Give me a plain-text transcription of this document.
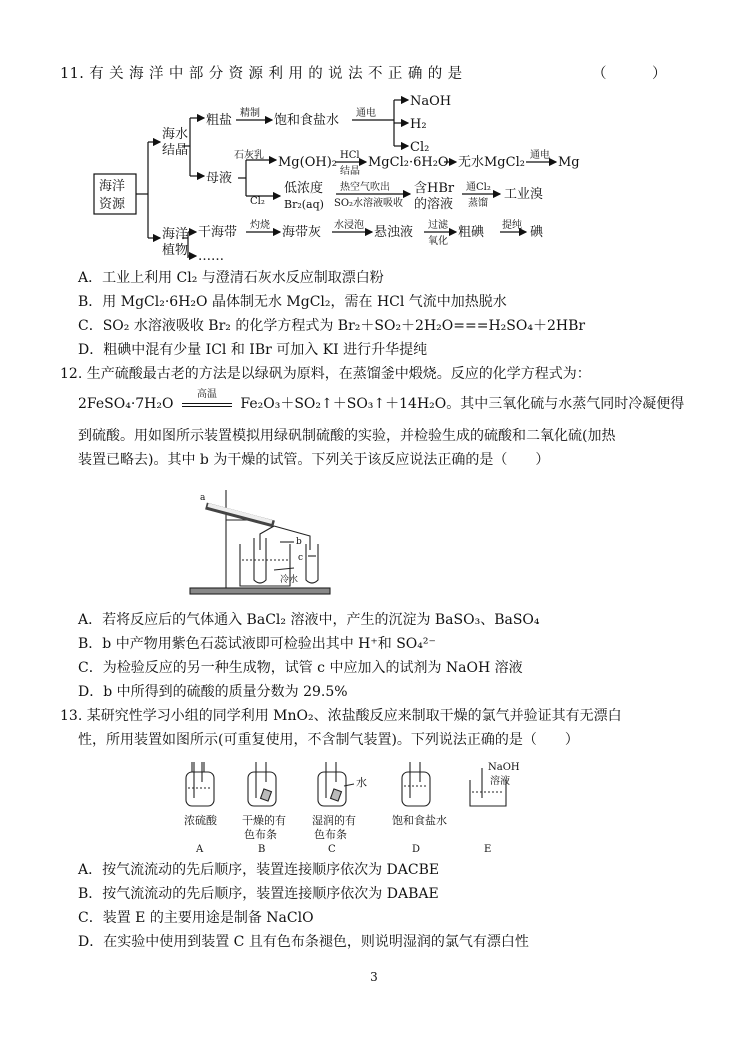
11. 有 关 海 洋 中 部 分 资 源 利 用 的 说 法 不 正 确 的 是	（	）
海洋
资源
海水
结晶
海洋
植物
粗盐 精制 饱和食盐水 通电
NaOH
H₂
Cl₂
母液
石灰乳 Mg(OH)₂ HCl
结晶
MgCl₂·6H₂O 无水MgCl₂ 通电 Mg
Cl₂
低浓度
Br₂(aq)
热空气吹出
SO₂水溶液吸收
含HBr
的溶液
通Cl₂
蒸馏
工业溴
干海带 灼烧 海带灰 水浸泡 悬浊液 过滤
氧化
粗碘 提纯 碘
……
A．工业上利用 Cl₂ 与澄清石灰水反应制取漂白粉
B．用 MgCl₂·6H₂O 晶体制无水 MgCl₂，需在 HCl 气流中加热脱水
C．SO₂ 水溶液吸收 Br₂ 的化学方程式为 Br₂＋SO₂＋2H₂O===H₂SO₄＋2HBr
D．粗碘中混有少量 ICl 和 IBr 可加入 KI 进行升华提纯
12. 生产硫酸最古老的方法是以绿矾为原料，在蒸馏釜中煅烧。反应的化学方程式为：
2FeSO₄·7H₂O
高温
Fe₂O₃＋SO₂↑＋SO₃↑＋14H₂O。其中三氧化硫与水蒸气同时冷凝便得
到硫酸。用如图所示装置模拟用绿矾制硫酸的实验，并检验生成的硫酸和二氧化硫(加热
装置已略去)。其中 b 为干燥的试管。下列关于该反应说法正确的是（　　）
a
b
c
冷水
A．若将反应后的气体通入 BaCl₂ 溶液中，产生的沉淀为 BaSO₃、BaSO₄
B．b 中产物用紫色石蕊试液即可检验出其中 H⁺和 SO₄²⁻
C．为检验反应的另一种生成物，试管 c 中应加入的试剂为 NaOH 溶液
D．b 中所得到的硫酸的质量分数为 29.5%
13. 某研究性学习小组的同学利用 MnO₂、浓盐酸反应来制取干燥的氯气并验证其有无漂白
性，所用装置如图所示(可重复使用，不含制气装置)。下列说法正确的是（　　）
浓硫酸 干燥的有
色布条
湿润的有
色布条
水
饱和食盐水
NaOH
溶液
A	B	C	D	E
A．按气流流动的先后顺序，装置连接顺序依次为 DACBE
B．按气流流动的先后顺序，装置连接顺序依次为 DABAE
C．装置 E 的主要用途是制备 NaClO
D．在实验中使用到装置 C 且有色布条褪色，则说明湿润的氯气有漂白性
3
